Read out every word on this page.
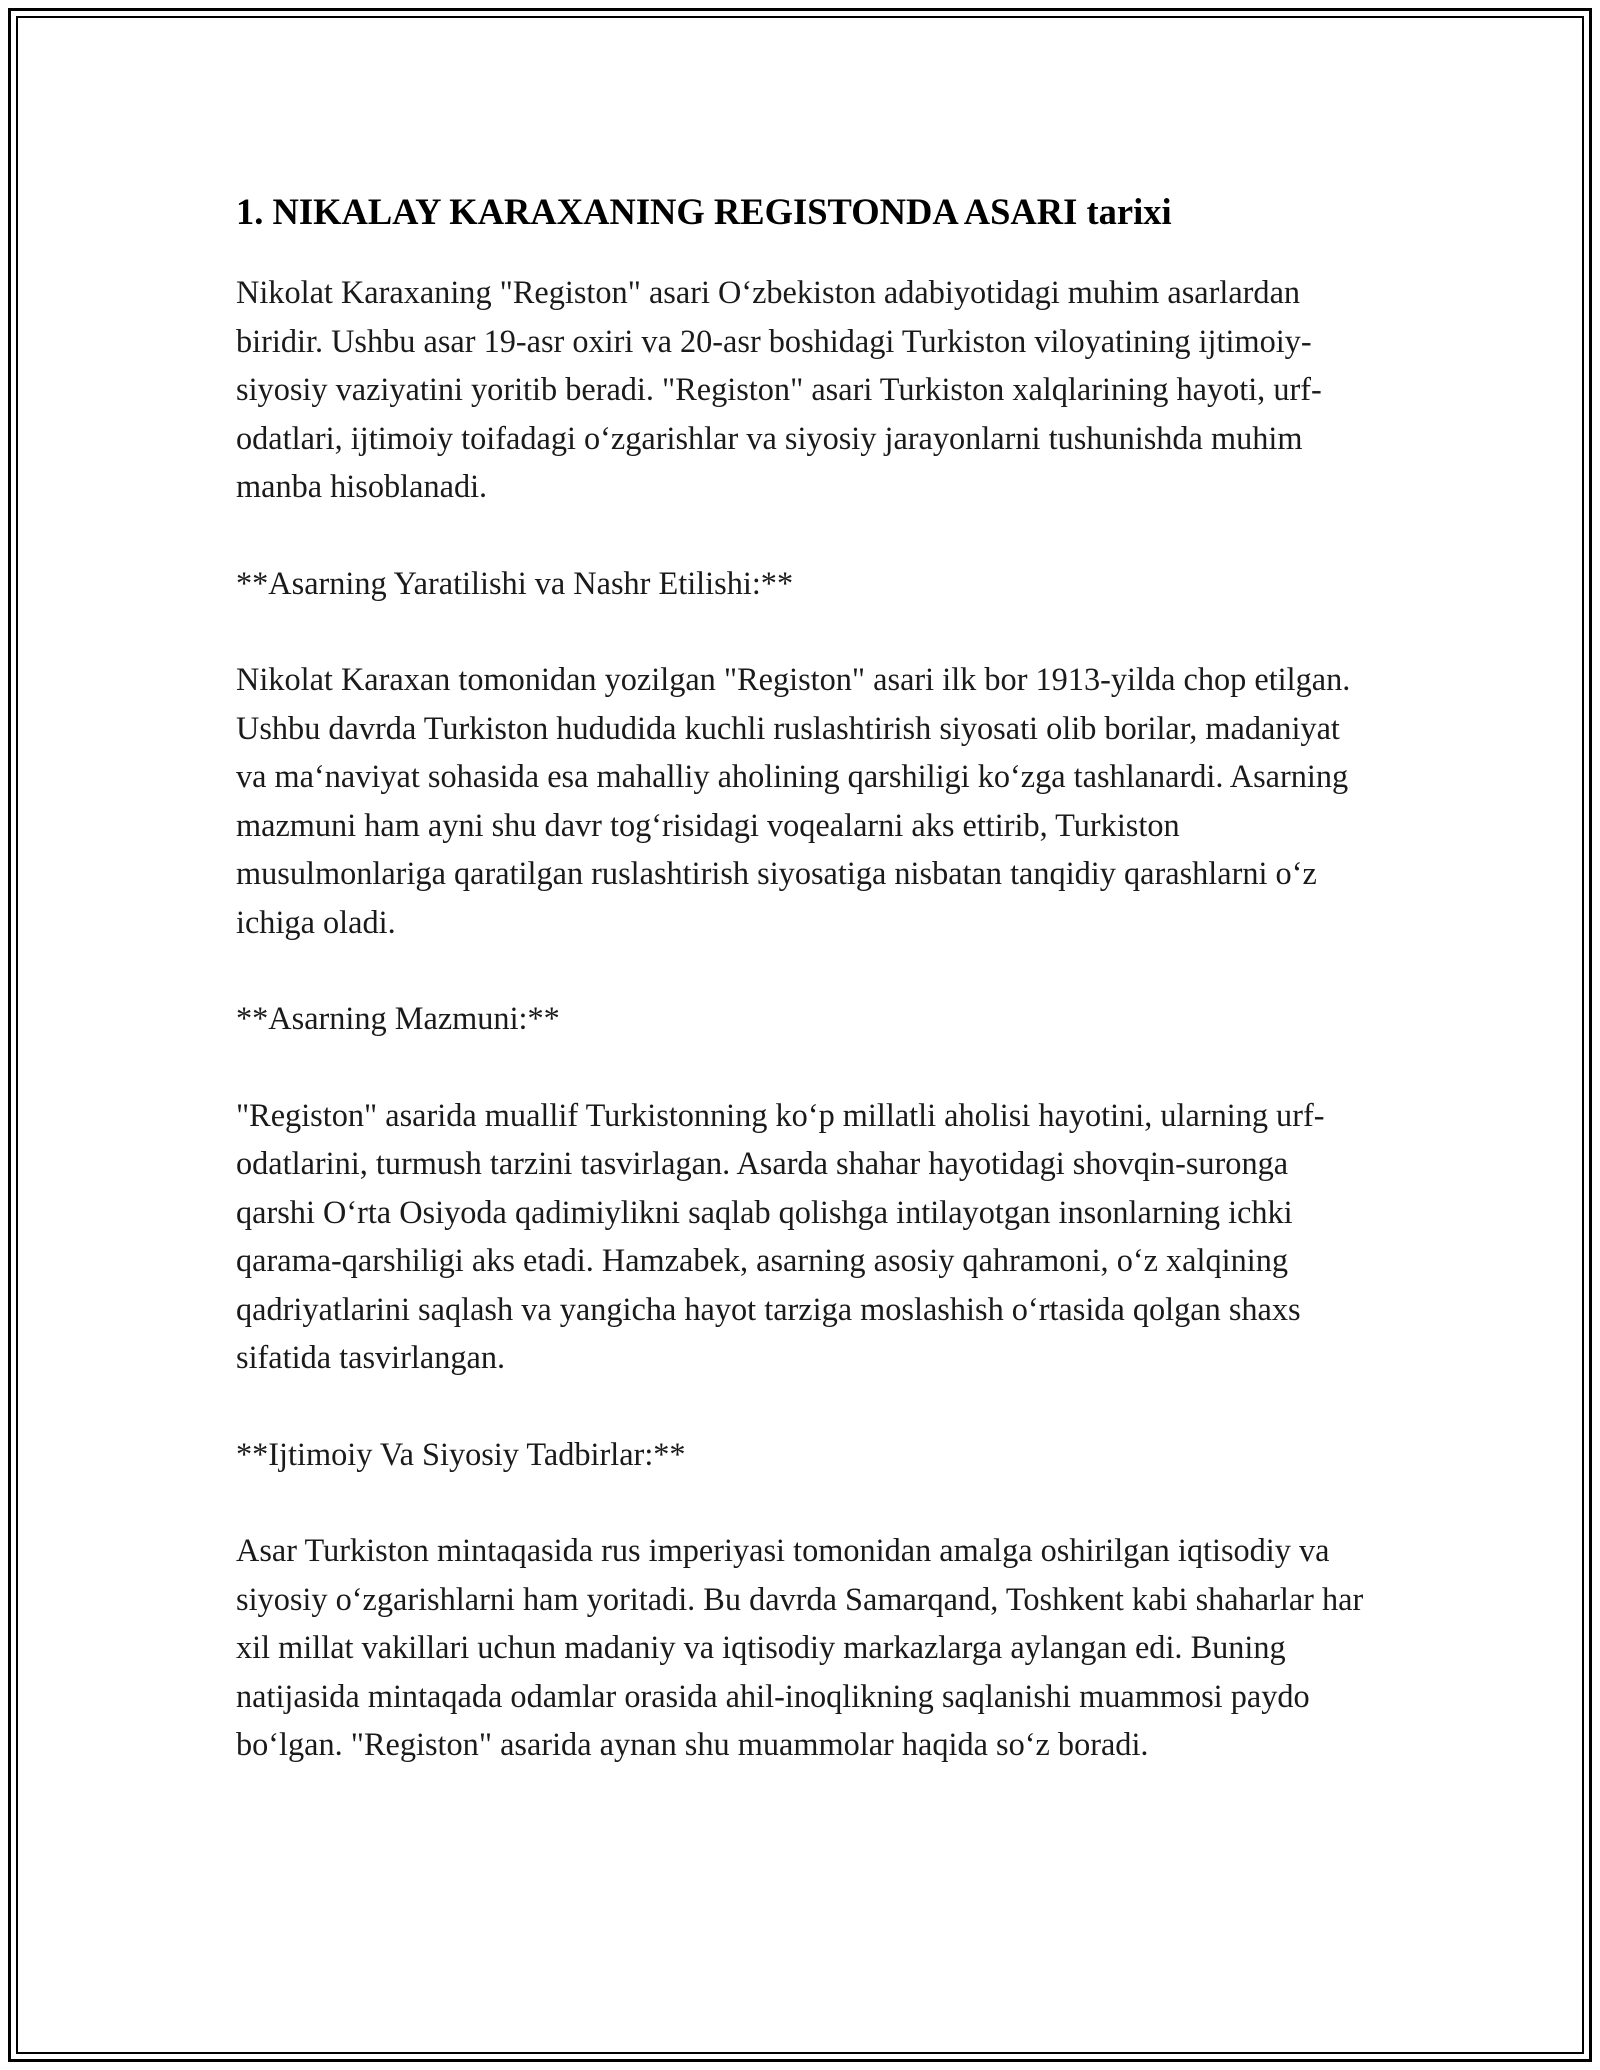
1. NIKALAY KARAXANING REGISTONDA ASARI tarixi

Nikolat Karaxaning "Registon" asari O‘zbekiston adabiyotidagi muhim asarlardan biridir. Ushbu asar 19-asr oxiri va 20-asr boshidagi Turkiston viloyatining ijtimoiy-siyosiy vaziyatini yoritib beradi. "Registon" asari Turkiston xalqlarining hayoti, urf-odatlari, ijtimoiy toifadagi o‘zgarishlar va siyosiy jarayonlarni tushunishda muhim manba hisoblanadi.

**Asarning Yaratilishi va Nashr Etilishi:**

Nikolat Karaxan tomonidan yozilgan "Registon" asari ilk bor 1913-yilda chop etilgan. Ushbu davrda Turkiston hududida kuchli ruslashtirish siyosati olib borilar, madaniyat va ma‘naviyat sohasida esa mahalliy aholining qarshiligi ko‘zga tashlanardi. Asarning mazmuni ham ayni shu davr tog‘risidagi voqealarni aks ettirib, Turkiston musulmonlariga qaratilgan ruslashtirish siyosatiga nisbatan tanqidiy qarashlarni o‘z ichiga oladi.

**Asarning Mazmuni:**

"Registon" asarida muallif Turkistonning ko‘p millatli aholisi hayotini, ularning urf-odatlarini, turmush tarzini tasvirlagan. Asarda shahar hayotidagi shovqin-suronga qarshi O‘rta Osiyoda qadimiylikni saqlab qolishga intilayotgan insonlarning ichki qarama-qarshiligi aks etadi. Hamzabek, asarning asosiy qahramoni, o‘z xalqining qadriyatlarini saqlash va yangicha hayot tarziga moslashish o‘rtasida qolgan shaxs sifatida tasvirlangan.

**Ijtimoiy Va Siyosiy Tadbirlar:**

Asar Turkiston mintaqasida rus imperiyasi tomonidan amalga oshirilgan iqtisodiy va siyosiy o‘zgarishlarni ham yoritadi. Bu davrda Samarqand, Toshkent kabi shaharlar har xil millat vakillari uchun madaniy va iqtisodiy markazlarga aylangan edi. Buning natijasida mintaqada odamlar orasida ahil-inoqlikning saqlanishi muammosi paydo bo‘lgan. "Registon" asarida aynan shu muammolar haqida so‘z boradi.
